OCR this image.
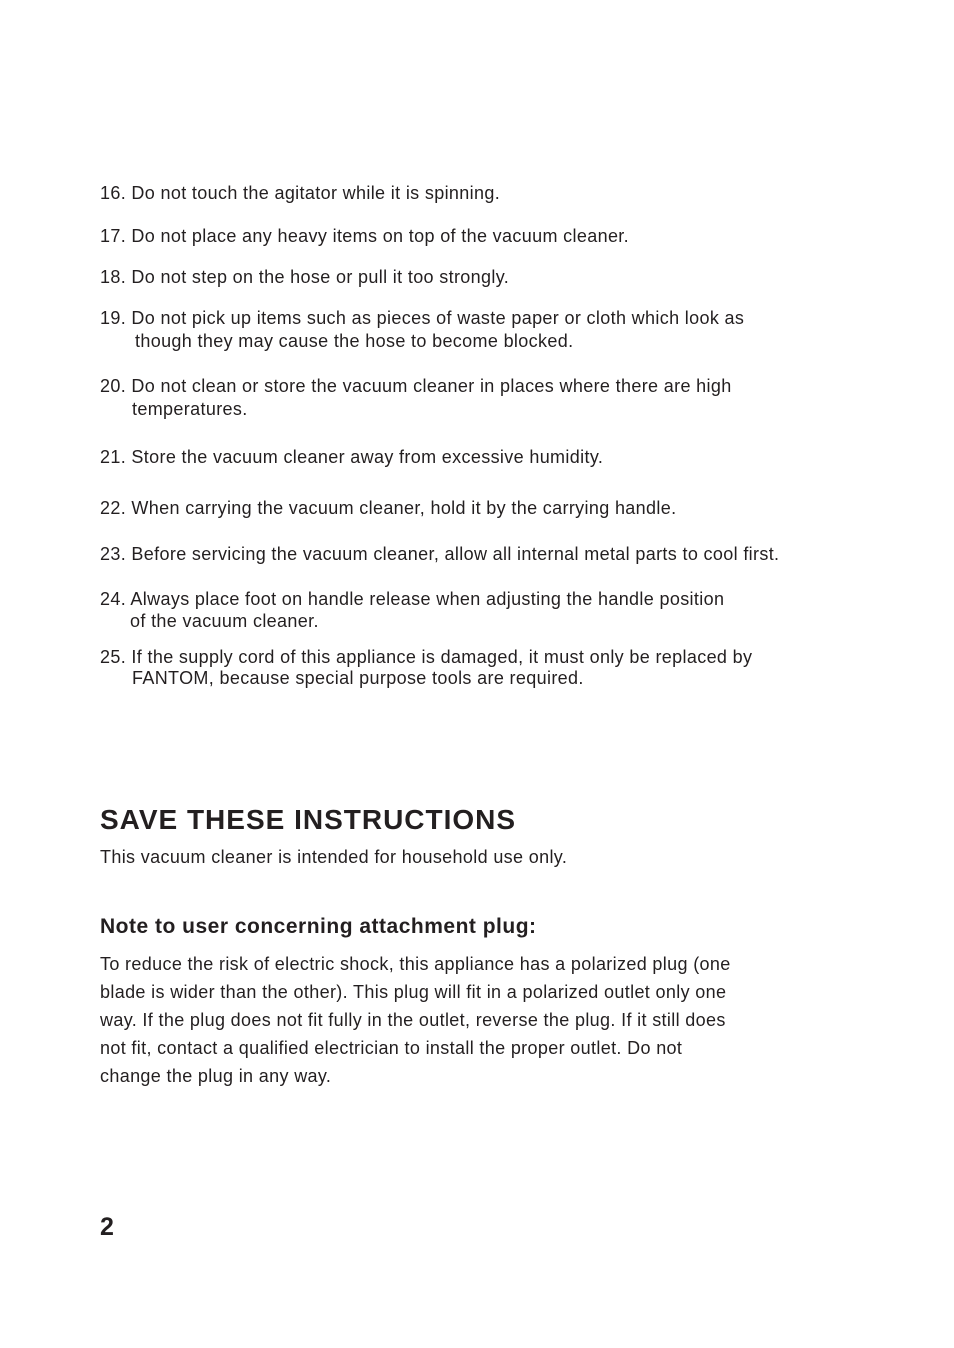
16. Do not touch the agitator while it is spinning.
17. Do not place any heavy items on top of the vacuum cleaner.
18. Do not step on the hose or pull it too strongly.
19. Do not pick up items such as pieces of waste paper or cloth which look as
though they may cause the hose to become blocked.
20. Do not clean or store the vacuum cleaner in places where there are high
temperatures.
21. Store the vacuum cleaner away from excessive humidity.
22. When carrying the vacuum cleaner, hold it by the carrying handle.
23. Before servicing the vacuum cleaner, allow all internal metal parts to cool first.
24. Always place foot on handle release when adjusting the handle position
of the vacuum cleaner.
25. If the supply cord of this appliance is damaged, it must only be replaced by
FANTOM, because special purpose tools are required.
SAVE THESE INSTRUCTIONS
This vacuum cleaner is intended for household use only.
Note to user concerning attachment plug:
To reduce the risk of electric shock, this appliance has a polarized plug (one
blade is wider than the other). This plug will fit in a polarized outlet only one
way. If the plug does not fit fully in the outlet, reverse the plug. If it still does
not fit, contact a qualified electrician to install the proper outlet. Do not
change the plug in any way.
2
